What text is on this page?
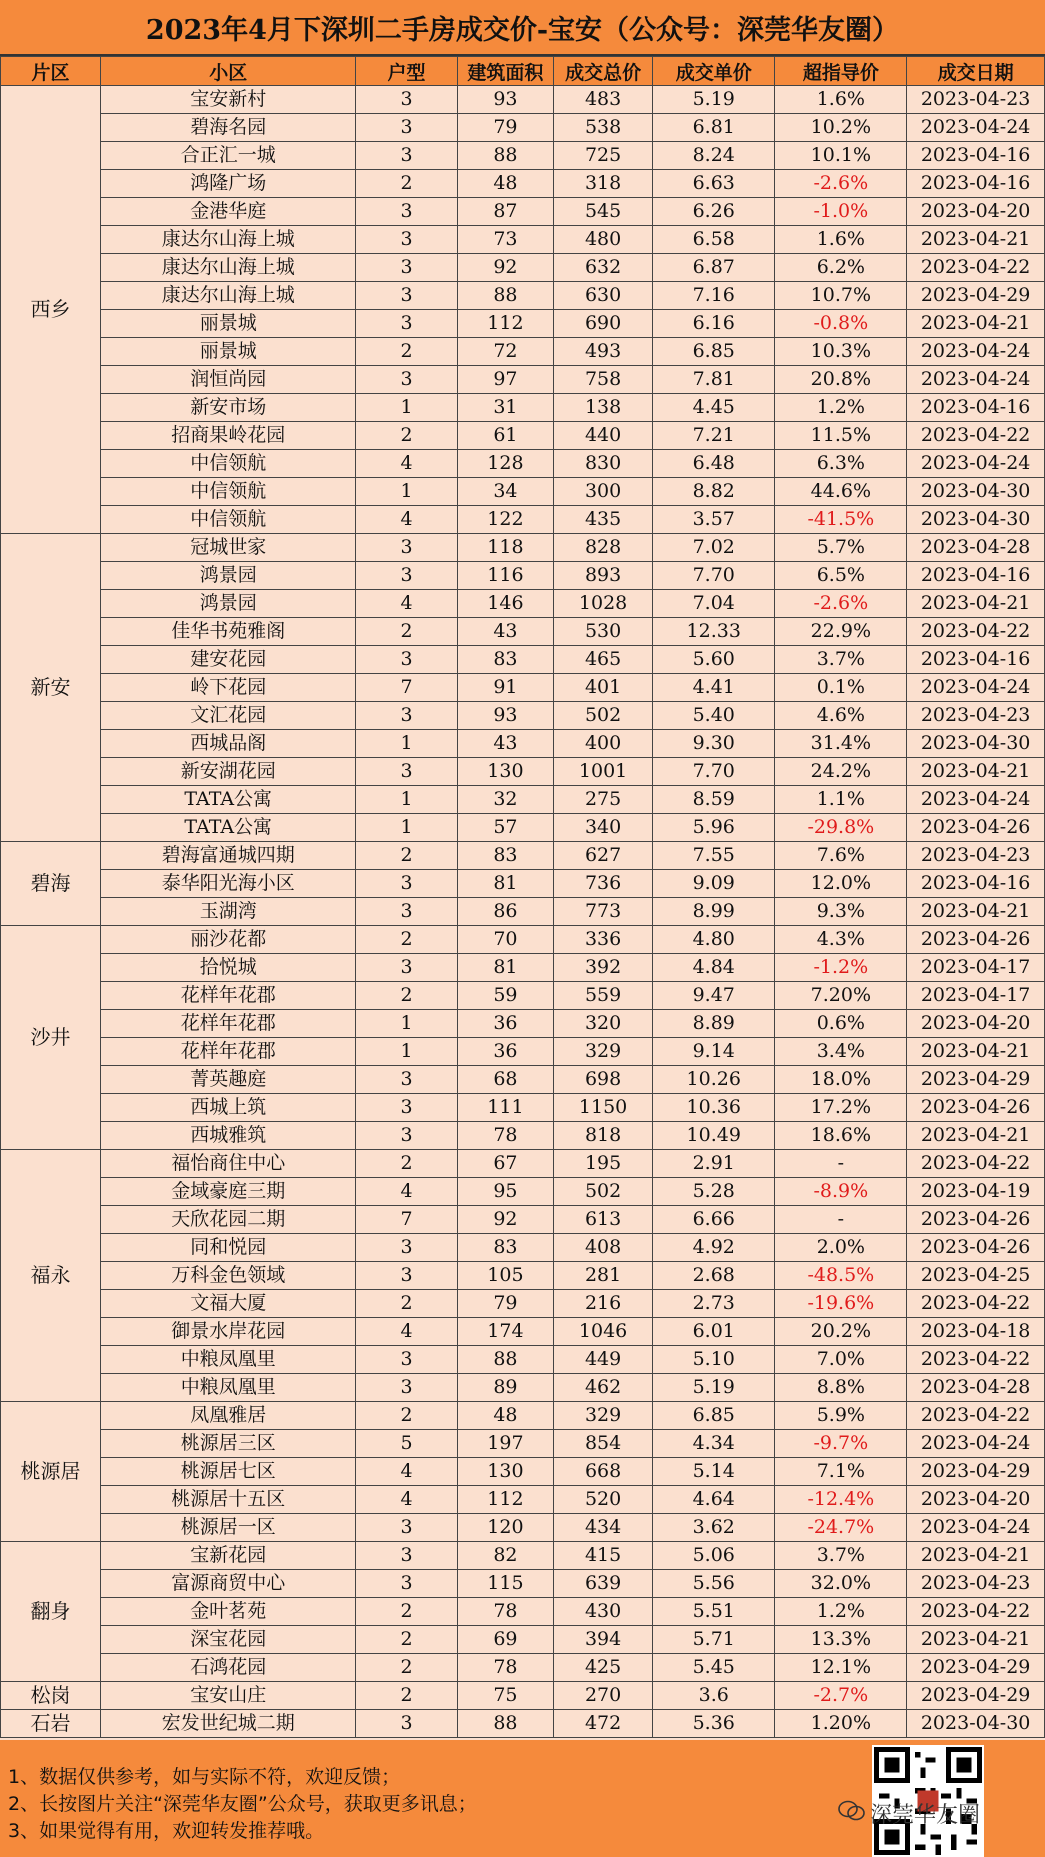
2023年4月下深圳二手房成交价-宝安（公众号：深莞华友圈）
片区	小区	户型	建筑面积	成交总价	成交单价	超指导价	成交日期
西乡	宝安新村	3	93	483	5.19	1.6%	2023-04-23
	碧海名园	3	79	538	6.81	10.2%	2023-04-24
	合正汇一城	3	88	725	8.24	10.1%	2023-04-16
	鸿隆广场	2	48	318	6.63	-2.6%	2023-04-16
	金港华庭	3	87	545	6.26	-1.0%	2023-04-20
	康达尔山海上城	3	73	480	6.58	1.6%	2023-04-21
	康达尔山海上城	3	92	632	6.87	6.2%	2023-04-22
	康达尔山海上城	3	88	630	7.16	10.7%	2023-04-29
	丽景城	3	112	690	6.16	-0.8%	2023-04-21
	丽景城	2	72	493	6.85	10.3%	2023-04-24
	润恒尚园	3	97	758	7.81	20.8%	2023-04-24
	新安市场	1	31	138	4.45	1.2%	2023-04-16
	招商果岭花园	2	61	440	7.21	11.5%	2023-04-22
	中信领航	4	128	830	6.48	6.3%	2023-04-24
	中信领航	1	34	300	8.82	44.6%	2023-04-30
	中信领航	4	122	435	3.57	-41.5%	2023-04-30
新安	冠城世家	3	118	828	7.02	5.7%	2023-04-28
	鸿景园	3	116	893	7.70	6.5%	2023-04-16
	鸿景园	4	146	1028	7.04	-2.6%	2023-04-21
	佳华书苑雅阁	2	43	530	12.33	22.9%	2023-04-22
	建安花园	3	83	465	5.60	3.7%	2023-04-16
	岭下花园	7	91	401	4.41	0.1%	2023-04-24
	文汇花园	3	93	502	5.40	4.6%	2023-04-23
	西城品阁	1	43	400	9.30	31.4%	2023-04-30
	新安湖花园	3	130	1001	7.70	24.2%	2023-04-21
	TATA公寓	1	32	275	8.59	1.1%	2023-04-24
	TATA公寓	1	57	340	5.96	-29.8%	2023-04-26
碧海	碧海富通城四期	2	83	627	7.55	7.6%	2023-04-23
	泰华阳光海小区	3	81	736	9.09	12.0%	2023-04-16
	玉湖湾	3	86	773	8.99	9.3%	2023-04-21
沙井	丽沙花都	2	70	336	4.80	4.3%	2023-04-26
	拾悦城	3	81	392	4.84	-1.2%	2023-04-17
	花样年花郡	2	59	559	9.47	7.20%	2023-04-17
	花样年花郡	1	36	320	8.89	0.6%	2023-04-20
	花样年花郡	1	36	329	9.14	3.4%	2023-04-21
	菁英趣庭	3	68	698	10.26	18.0%	2023-04-29
	西城上筑	3	111	1150	10.36	17.2%	2023-04-26
	西城雅筑	3	78	818	10.49	18.6%	2023-04-21
福永	福怡商住中心	2	67	195	2.91	-	2023-04-22
	金域豪庭三期	4	95	502	5.28	-8.9%	2023-04-19
	天欣花园二期	7	92	613	6.66	-	2023-04-26
	同和悦园	3	83	408	4.92	2.0%	2023-04-26
	万科金色领域	3	105	281	2.68	-48.5%	2023-04-25
	文福大厦	2	79	216	2.73	-19.6%	2023-04-22
	御景水岸花园	4	174	1046	6.01	20.2%	2023-04-18
	中粮凤凰里	3	88	449	5.10	7.0%	2023-04-22
	中粮凤凰里	3	89	462	5.19	8.8%	2023-04-28
桃源居	凤凰雅居	2	48	329	6.85	5.9%	2023-04-22
	桃源居三区	5	197	854	4.34	-9.7%	2023-04-24
	桃源居七区	4	130	668	5.14	7.1%	2023-04-29
	桃源居十五区	4	112	520	4.64	-12.4%	2023-04-20
	桃源居一区	3	120	434	3.62	-24.7%	2023-04-24
翻身	宝新花园	3	82	415	5.06	3.7%	2023-04-21
	富源商贸中心	3	115	639	5.56	32.0%	2023-04-23
	金叶茗苑	2	78	430	5.51	1.2%	2023-04-22
	深宝花园	2	69	394	5.71	13.3%	2023-04-21
	石鸿花园	2	78	425	5.45	12.1%	2023-04-29
松岗	宝安山庄	2	75	270	3.6	-2.7%	2023-04-29
石岩	宏发世纪城二期	3	88	472	5.36	1.20%	2023-04-30
1、数据仅供参考，如与实际不符，欢迎反馈；
2、长按图片关注“深莞华友圈”公众号，获取更多讯息；
3、如果觉得有用，欢迎转发推荐哦。
深莞华友圈
